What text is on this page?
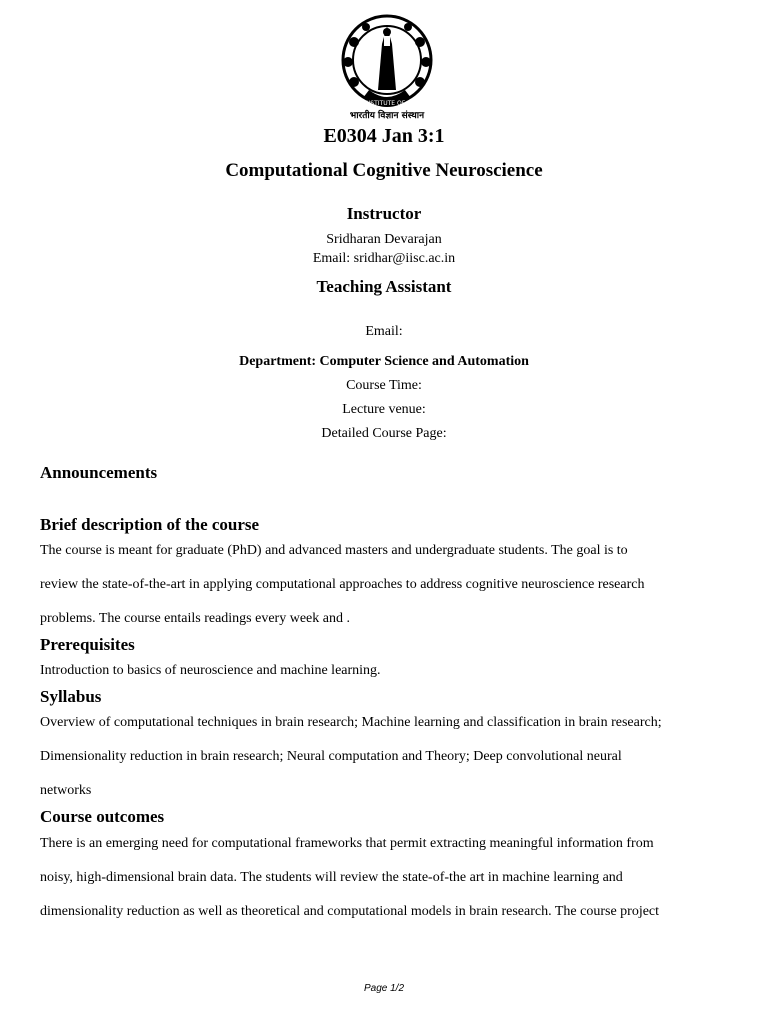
INDIAN INSTITUTE OF SCIENCE
भारतीय विज्ञान संस्थान
E0304 Jan 3:1
Computational Cognitive Neuroscience
Instructor
Sridharan Devarajan
Email: sridhar@iisc.ac.in
Teaching Assistant
Email:
Department: Computer Science and Automation
Course Time:
Lecture venue:
Detailed Course Page:
Announcements
Brief description of the course
The course is meant for graduate (PhD) and advanced masters and undergraduate students. The goal is to
review the state-of-the-art in applying computational approaches to address cognitive neuroscience research
problems. The course entails readings every week and .
Prerequisites
Introduction to basics of neuroscience and machine learning.
Syllabus
Overview of computational techniques in brain research; Machine learning and classification in brain research;
Dimensionality reduction in brain research; Neural computation and Theory; Deep convolutional neural
networks
Course outcomes
There is an emerging need for computational frameworks that permit extracting meaningful information from
noisy, high-dimensional brain data. The students will review the state-of-the art in machine learning and
dimensionality reduction as well as theoretical and computational models in brain research. The course project
Page 1/2
